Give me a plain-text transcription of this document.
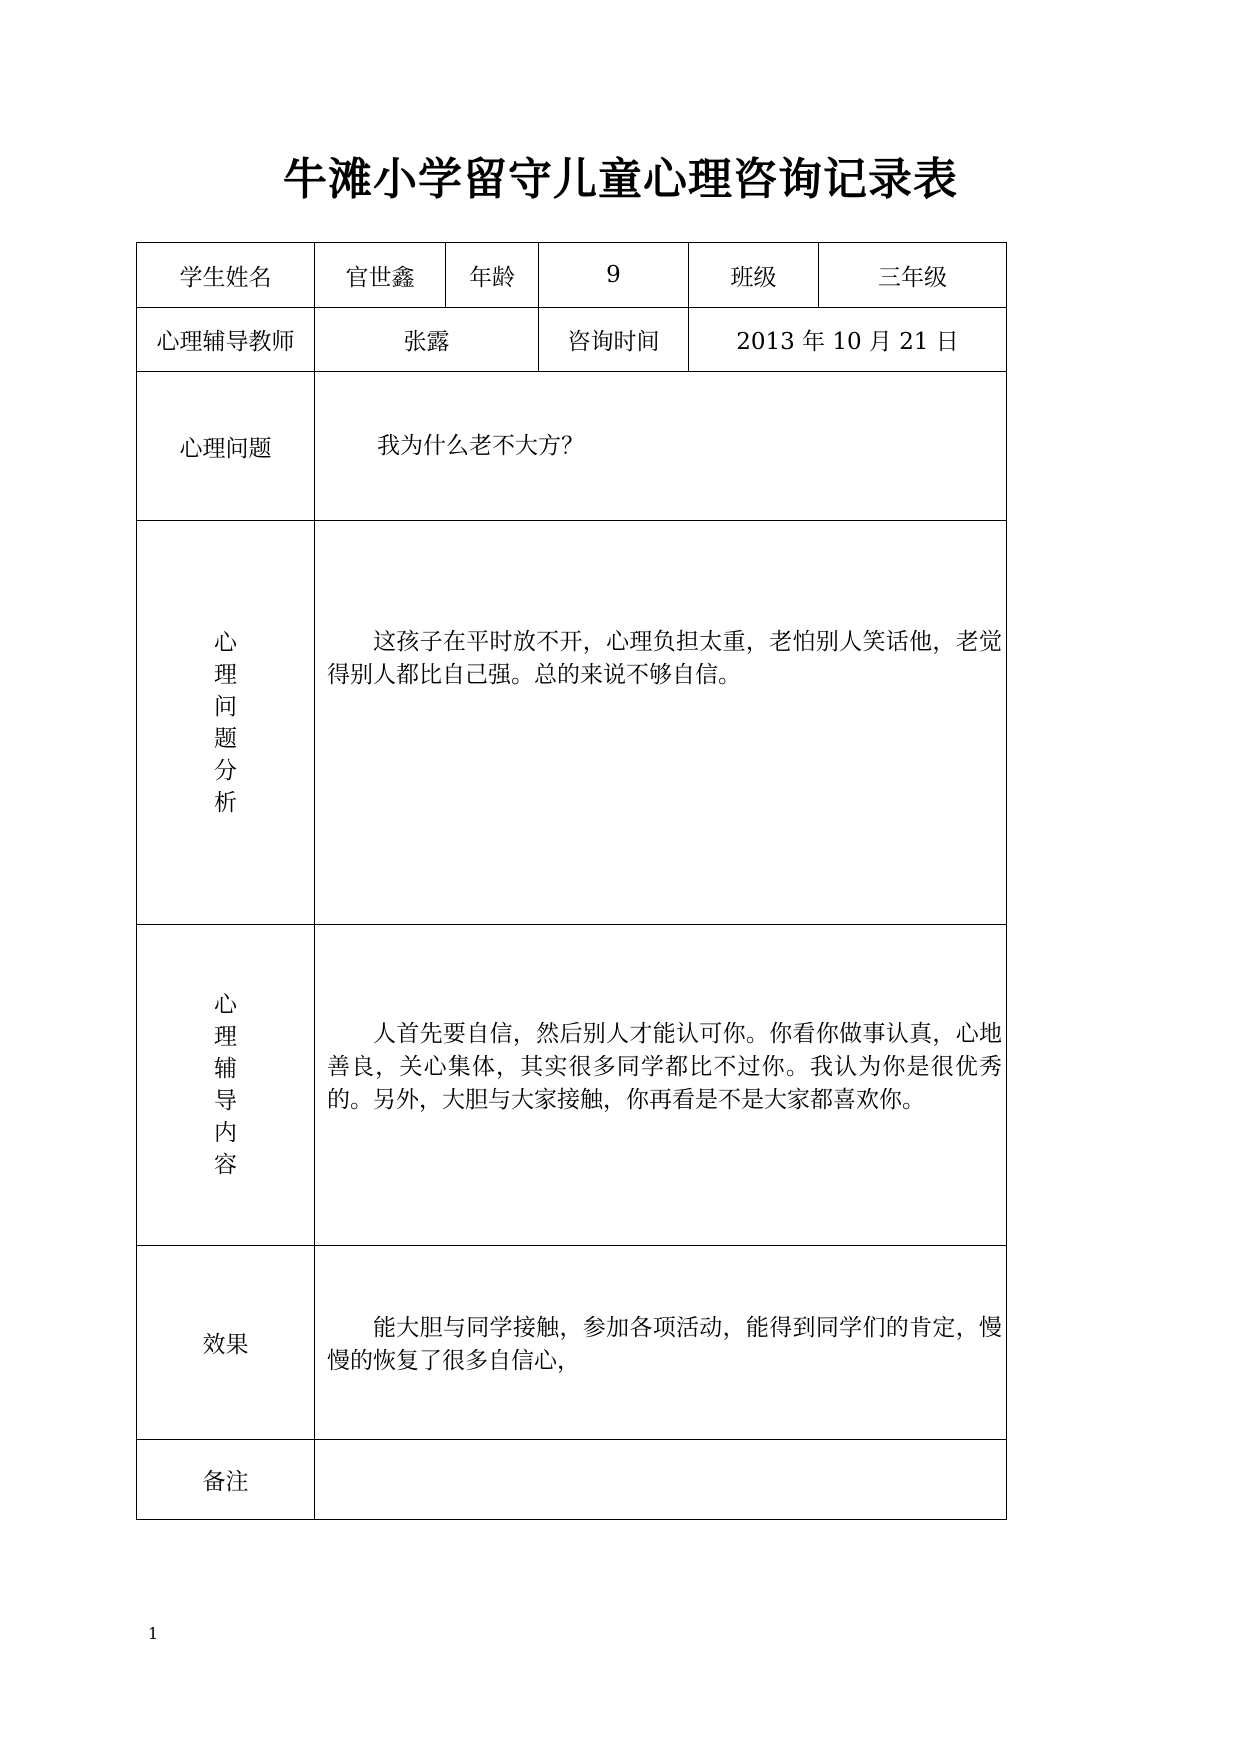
牛滩小学留守儿童心理咨询记录表
学生姓名	官世鑫	年龄	9	班级	三年级
心理辅导教师	张露		咨询时间	2013 年 10 月 21 日	
心理问题	我为什么老不大方？				

心理问题分析	这孩子在平时放不开，心理负担太重，老怕别人笑话他，老觉得别人都比自己强。总的来说不够自信。				

心理辅导内容	人首先要自信，然后别人才能认可你。你看你做事认真，心地善良，关心集体，其实很多同学都比不过你。我认为你是很优秀的。另外，大胆与大家接触，你再看是不是大家都喜欢你。				

效果	能大胆与同学接触，参加各项活动，能得到同学们的肯定，慢慢的恢复了很多自信心，				

备注					
1
